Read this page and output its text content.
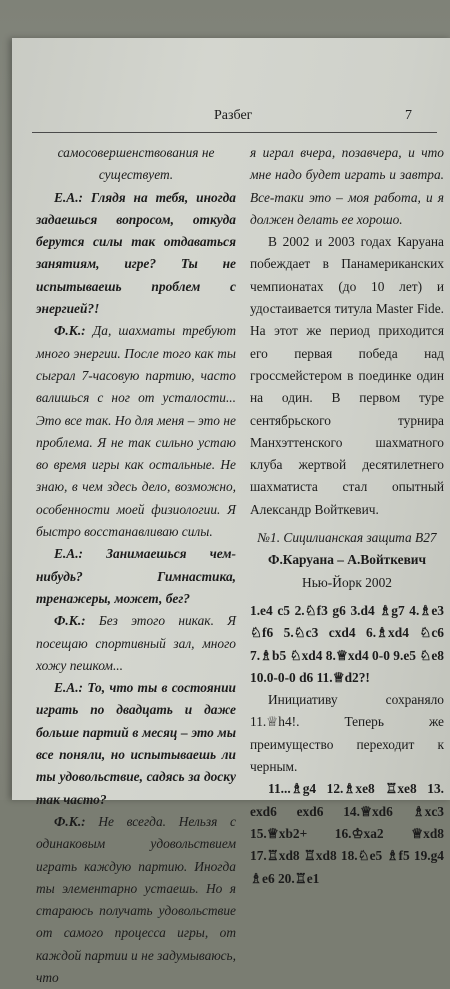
Разбег	7

самосовершенствования не существует.

Е.А.: Глядя на тебя, иногда задаешься вопросом, откуда берутся силы так отдаваться занятиям, игре? Ты не испытываешь проблем с энергией?!

Ф.К.: Да, шахматы требуют много энергии. После того как ты сыграл 7-часовую партию, часто валишься с ног от усталости... Это все так. Но для меня – это не проблема. Я не так сильно устаю во время игры как остальные. Не знаю, в чем здесь дело, возможно, особенности моей физиологии. Я быстро восстанавливаю силы.

Е.А.: Занимаешься чем-нибудь? Гимнастика, тренажеры, может, бег?

Ф.К.: Без этого никак. Я посещаю спортивный зал, много хожу пешком...

Е.А.: То, что ты в состоянии играть по двадцать и даже больше партий в месяц – это мы все поняли, но испытываешь ли ты удовольствие, садясь за доску так часто?

Ф.К.: Не всегда. Нельзя с одинаковым удовольствием играть каждую партию. Иногда ты элементарно устаешь. Но я стараюсь получать удовольствие от самого процесса игры, от каждой партии и не задумываюсь, что

я играл вчера, позавчера, и что мне надо будет играть и завтра. Все-таки это – моя работа, и я должен делать ее хорошо.

В 2002 и 2003 годах Каруана побеждает в Панамериканских чемпионатах (до 10 лет) и удостаивается титула Master Fide. На этот же период приходится его первая победа над гроссмейстером в поединке один на один. В первом туре сентябрьского турнира Манхэттенского шахматного клуба жертвой десятилетнего шахматиста стал опытный Александр Войткевич.

№1. Сицилианская защита В27

Ф.Каруана – А.Войткевич

Нью-Йорк 2002

1.e4 c5 2.♘f3 g6 3.d4 ♗g7 4.♗e3 ♘f6 5.♘c3 cxd4 6.♗xd4 ♘c6 7.♗b5 ♘xd4 8.♕xd4 0-0 9.e5 ♘e8 10.0-0-0 d6 11.♕d2?!

Инициативу сохраняло 11.♕h4!. Теперь же преимущество переходит к черным.

11...♗g4 12.♗xe8 ♖xe8 13. exd6 exd6 14.♕xd6 ♗xc3 15.♕xb2+ 16.♔xa2 ♕xd8 17.♖xd8 ♖xd8 18.♘e5 ♗f5 19.g4 ♗e6 20.♖e1
